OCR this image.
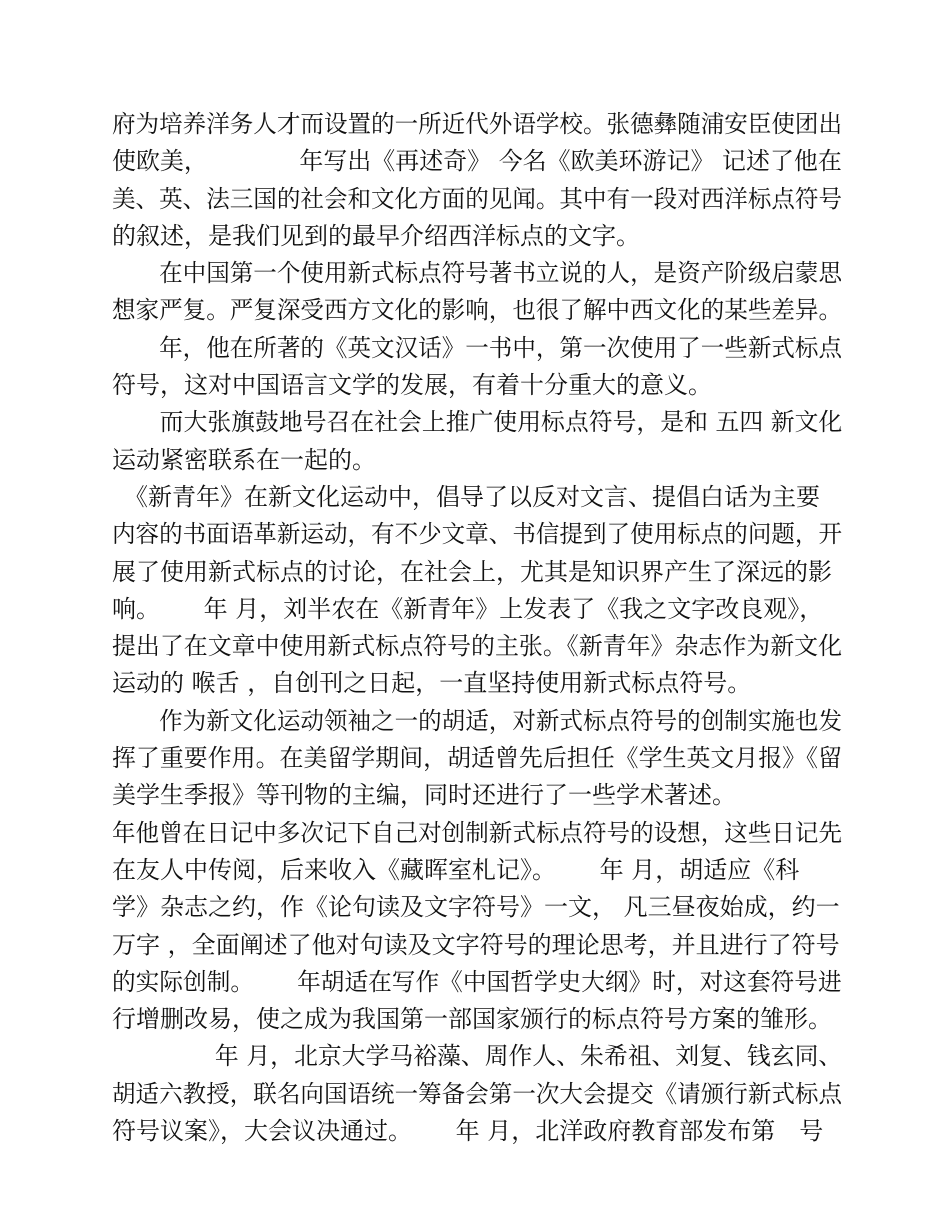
府为培养洋务人才而设置的一所近代外语学校。张德彝随浦安臣使团出
使欧美，　　　　 年写出《再述奇》 今名《欧美环游记》 记述了他在
美、英、法三国的社会和文化方面的见闻。其中有一段对西洋标点符号
的叙述，是我们见到的最早介绍西洋标点的文字。
　　在中国第一个使用新式标点符号著书立说的人，是资产阶级启蒙思
想家严复。严复深受西方文化的影响，也很了解中西文化的某些差异。
　　年，他在所著的《英文汉话》一书中，第一次使用了一些新式标点
符号，这对中国语言文学的发展，有着十分重大的意义。
　　而大张旗鼓地号召在社会上推广使用标点符号，是和 五四 新文化
运动紧密联系在一起的。
　《新青年》在新文化运动中，倡导了以反对文言、提倡白话为主要
内容的书面语革新运动，有不少文章、书信提到了使用标点的问题，开
展了使用新式标点的讨论，在社会上，尤其是知识界产生了深远的影
响。　　 年 月，刘半农在《新青年》上发表了《我之文字改良观》，
提出了在文章中使用新式标点符号的主张。《新青年》杂志作为新文化
运动的 喉舌 ，自创刊之日起，一直坚持使用新式标点符号。
　　作为新文化运动领袖之一的胡适，对新式标点符号的创制实施也发
挥了重要作用。在美留学期间，胡适曾先后担任《学生英文月报》《留
美学生季报》等刊物的主编，同时还进行了一些学术著述。
年他曾在日记中多次记下自己对创制新式标点符号的设想，这些日记先
在友人中传阅，后来收入《藏晖室札记》。　　 年 月，胡适应《科
学》杂志之约，作《论句读及文字符号》一文， 凡三昼夜始成，约一
万字 ，全面阐述了他对句读及文字符号的理论思考，并且进行了符号
的实际创制。　　 年胡适在写作《中国哲学史大纲》时，对这套符号进
行增删改易，使之成为我国第一部国家颁行的标点符号方案的雏形。
　　　　 年 月，北京大学马裕藻、周作人、朱希祖、刘复、钱玄同、
胡适六教授，联名向国语统一筹备会第一次大会提交《请颁行新式标点
符号议案》，大会议决通过。　　 年 月，北洋政府教育部发布第　号
